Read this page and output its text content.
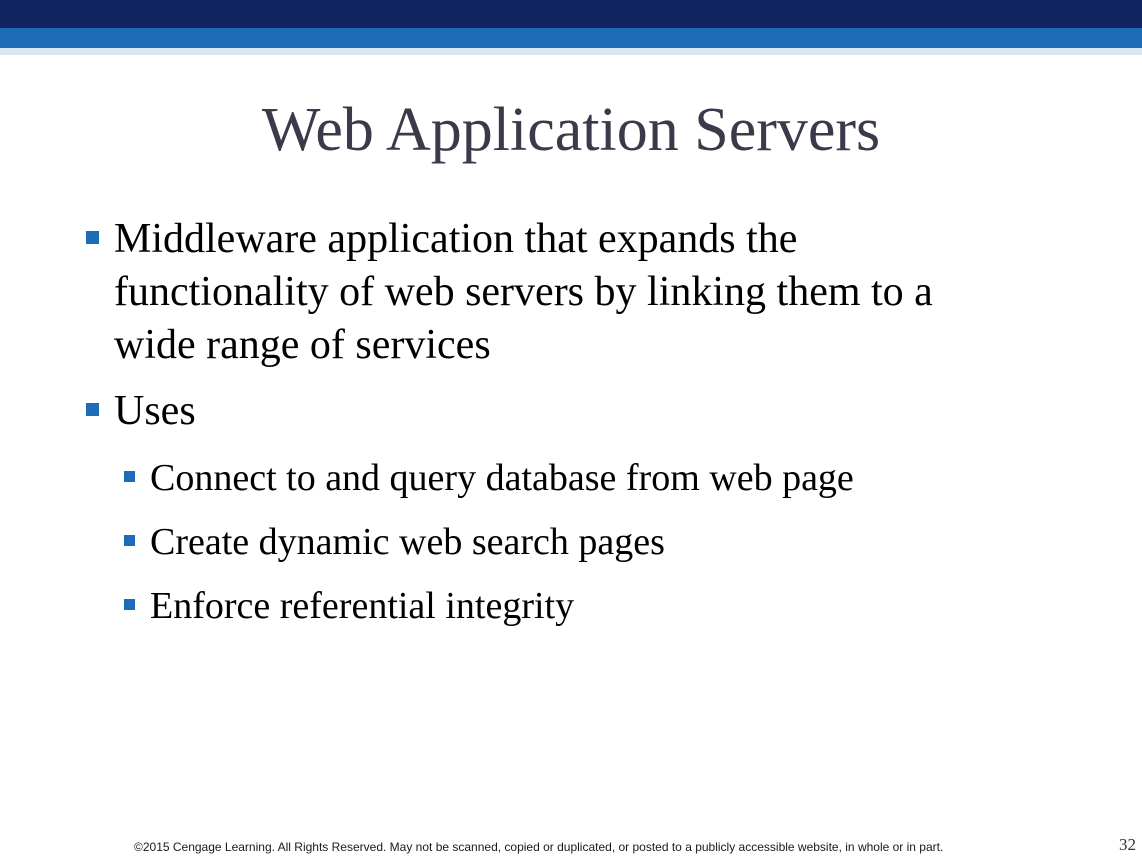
Web Application Servers
Middleware application that expands the functionality of web servers by linking them to a wide range of services
Uses
Connect to and query database from web page
Create dynamic web search pages
Enforce referential integrity
©2015 Cengage Learning. All Rights Reserved. May not be scanned, copied or duplicated, or posted to a publicly accessible website, in whole or in part.	32
